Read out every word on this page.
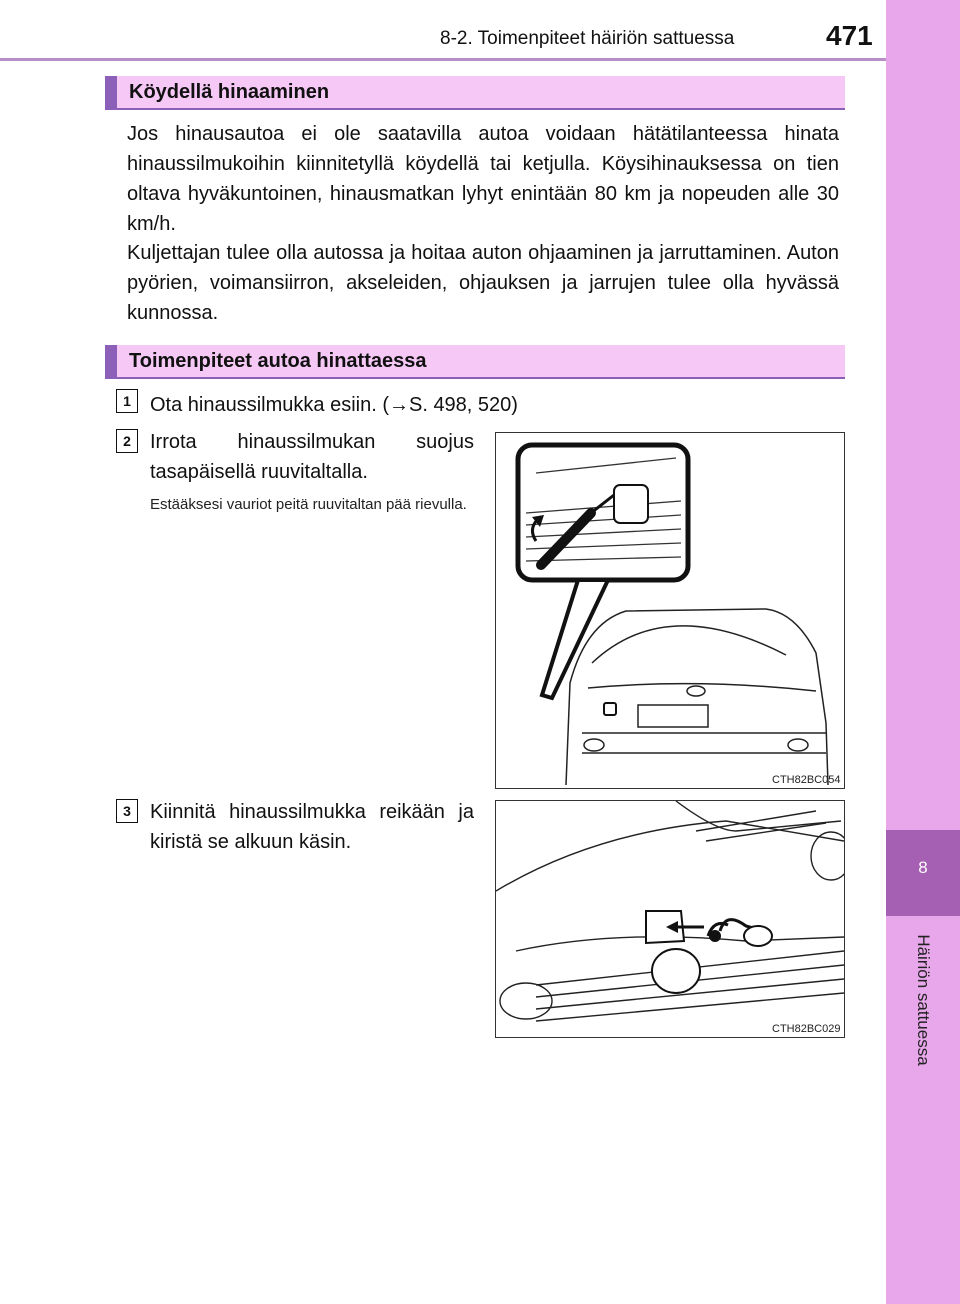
8-2. Toimenpiteet häiriön sattuessa	471
8
Häiriön sattuessa
Köydellä hinaaminen
Jos hinausautoa ei ole saatavilla autoa voidaan hätätilanteessa hinata hinaussilmukoihin kiinnitetyllä köydellä tai ketjulla. Köysihinauksessa on tien oltava hyväkuntoinen, hinausmatkan lyhyt enintään 80 km ja nopeuden alle 30 km/h.
Kuljettajan tulee olla autossa ja hoitaa auton ohjaaminen ja jarruttaminen. Auton pyörien, voimansiirron, akseleiden, ohjauksen ja jarrujen tulee olla hyvässä kunnossa.
Toimenpiteet autoa hinattaessa
1 Ota hinaussilmukka esiin. (→S. 498, 520)
2 Irrota hinaussilmukan suojus tasapäisellä ruuvitaltalla.
Estääksesi vauriot peitä ruuvitaltan pää rievulla.
3 Kiinnitä hinaussilmukka reikään ja kiristä se alkuun käsin.
CTH82BC054
CTH82BC029
